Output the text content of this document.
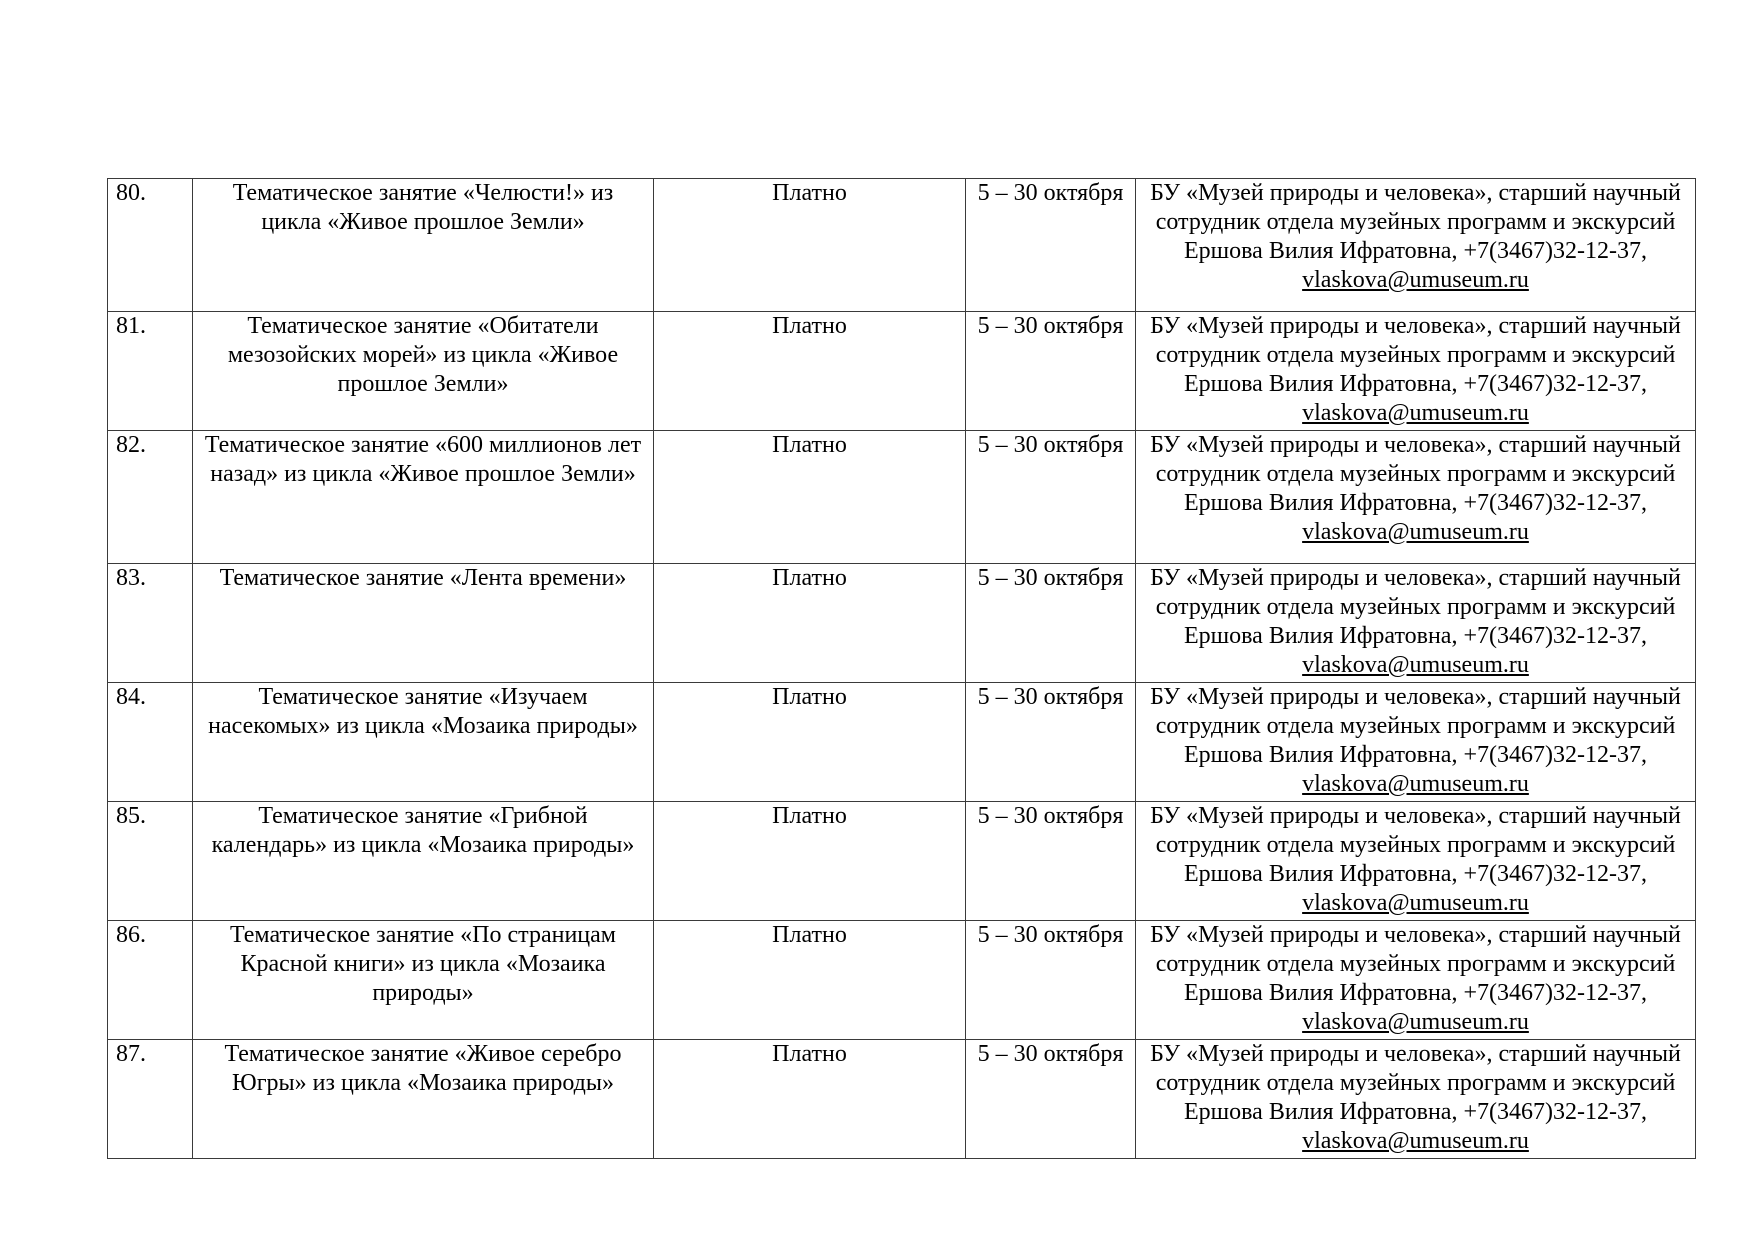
80.	Тематическое занятие «Челюсти!» из цикла «Живое прошлое Земли»	Платно	5 – 30 октября	БУ «Музей природы и человека», старший научный сотрудник отдела музейных программ и экскурсий Ершова Вилия Ифратовна, +7(3467)32-12-37, vlaskova@umuseum.ru
81.	Тематическое занятие «Обитатели мезозойских морей» из цикла «Живое прошлое Земли»	Платно	5 – 30 октября	БУ «Музей природы и человека», старший научный сотрудник отдела музейных программ и экскурсий Ершова Вилия Ифратовна, +7(3467)32-12-37, vlaskova@umuseum.ru
82.	Тематическое занятие «600 миллионов лет назад» из цикла «Живое прошлое Земли»	Платно	5 – 30 октября	БУ «Музей природы и человека», старший научный сотрудник отдела музейных программ и экскурсий Ершова Вилия Ифратовна, +7(3467)32-12-37, vlaskova@umuseum.ru
83.	Тематическое занятие «Лента времени»	Платно	5 – 30 октября	БУ «Музей природы и человека», старший научный сотрудник отдела музейных программ и экскурсий Ершова Вилия Ифратовна, +7(3467)32-12-37, vlaskova@umuseum.ru
84.	Тематическое занятие «Изучаем насекомых» из цикла «Мозаика природы»	Платно	5 – 30 октября	БУ «Музей природы и человека», старший научный сотрудник отдела музейных программ и экскурсий Ершова Вилия Ифратовна, +7(3467)32-12-37, vlaskova@umuseum.ru
85.	Тематическое занятие «Грибной календарь» из цикла «Мозаика природы»	Платно	5 – 30 октября	БУ «Музей природы и человека», старший научный сотрудник отдела музейных программ и экскурсий Ершова Вилия Ифратовна, +7(3467)32-12-37, vlaskova@umuseum.ru
86.	Тематическое занятие «По страницам Красной книги» из цикла «Мозаика природы»	Платно	5 – 30 октября	БУ «Музей природы и человека», старший научный сотрудник отдела музейных программ и экскурсий Ершова Вилия Ифратовна, +7(3467)32-12-37, vlaskova@umuseum.ru
87.	Тематическое занятие «Живое серебро Югры» из цикла «Мозаика природы»	Платно	5 – 30 октября	БУ «Музей природы и человека», старший научный сотрудник отдела музейных программ и экскурсий Ершова Вилия Ифратовна, +7(3467)32-12-37, vlaskova@umuseum.ru
